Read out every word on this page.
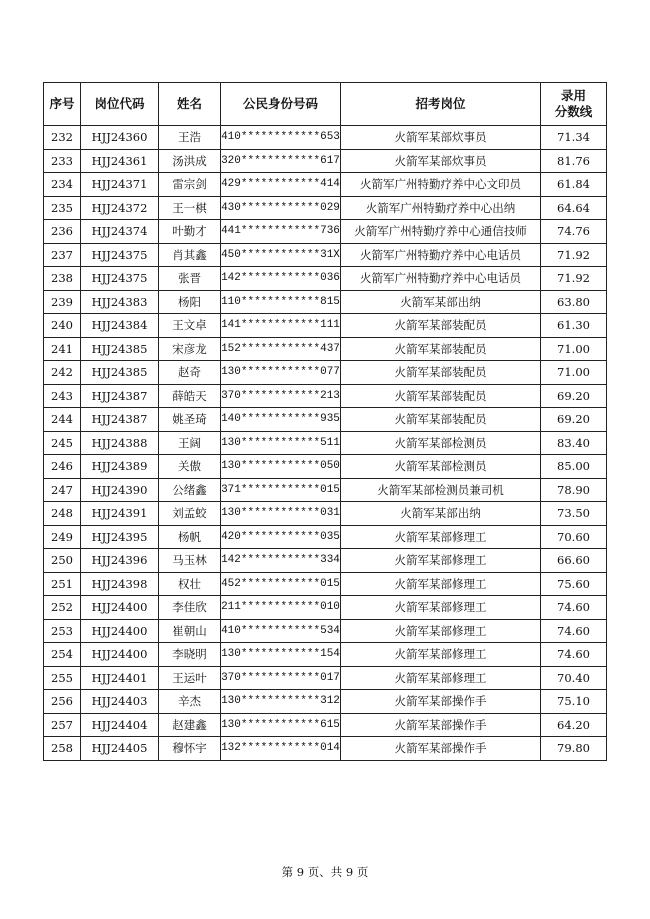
序号	岗位代码	姓名	公民身份号码	招考岗位	录用
分数线

232	HJJ24360	王浩	410************653	火箭军某部炊事员	71.34
233	HJJ24361	汤洪成	320************617	火箭军某部炊事员	81.76
234	HJJ24371	雷宗剑	429************414	火箭军广州特勤疗养中心文印员	61.84
235	HJJ24372	王一棋	430************029	火箭军广州特勤疗养中心出纳	64.64
236	HJJ24374	叶勤才	441************736	火箭军广州特勤疗养中心通信技师	74.76
237	HJJ24375	肖其鑫	450************31X	火箭军广州特勤疗养中心电话员	71.92
238	HJJ24375	张晋	142************036	火箭军广州特勤疗养中心电话员	71.92
239	HJJ24383	杨阳	110************815	火箭军某部出纳	63.80
240	HJJ24384	王文卓	141************111	火箭军某部装配员	61.30
241	HJJ24385	宋彦龙	152************437	火箭军某部装配员	71.00
242	HJJ24385	赵奇	130************077	火箭军某部装配员	71.00
243	HJJ24387	薛皓天	370************213	火箭军某部装配员	69.20
244	HJJ24387	姚圣琦	140************935	火箭军某部装配员	69.20
245	HJJ24388	王阔	130************511	火箭军某部检测员	83.40
246	HJJ24389	关傲	130************050	火箭军某部检测员	85.00
247	HJJ24390	公绪鑫	371************015	火箭军某部检测员兼司机	78.90
248	HJJ24391	刘孟蛟	130************031	火箭军某部出纳	73.50
249	HJJ24395	杨帆	420************035	火箭军某部修理工	70.60
250	HJJ24396	马玉林	142************334	火箭军某部修理工	66.60
251	HJJ24398	权壮	452************015	火箭军某部修理工	75.60
252	HJJ24400	李佳欣	211************010	火箭军某部修理工	74.60
253	HJJ24400	崔朝山	410************534	火箭军某部修理工	74.60
254	HJJ24400	李晓明	130************154	火箭军某部修理工	74.60
255	HJJ24401	王运叶	370************017	火箭军某部修理工	70.40
256	HJJ24403	辛杰	130************312	火箭军某部操作手	75.10
257	HJJ24404	赵建鑫	130************615	火箭军某部操作手	64.20
258	HJJ24405	穆怀宇	132************014	火箭军某部操作手	79.80
第 9 页、共 9 页
